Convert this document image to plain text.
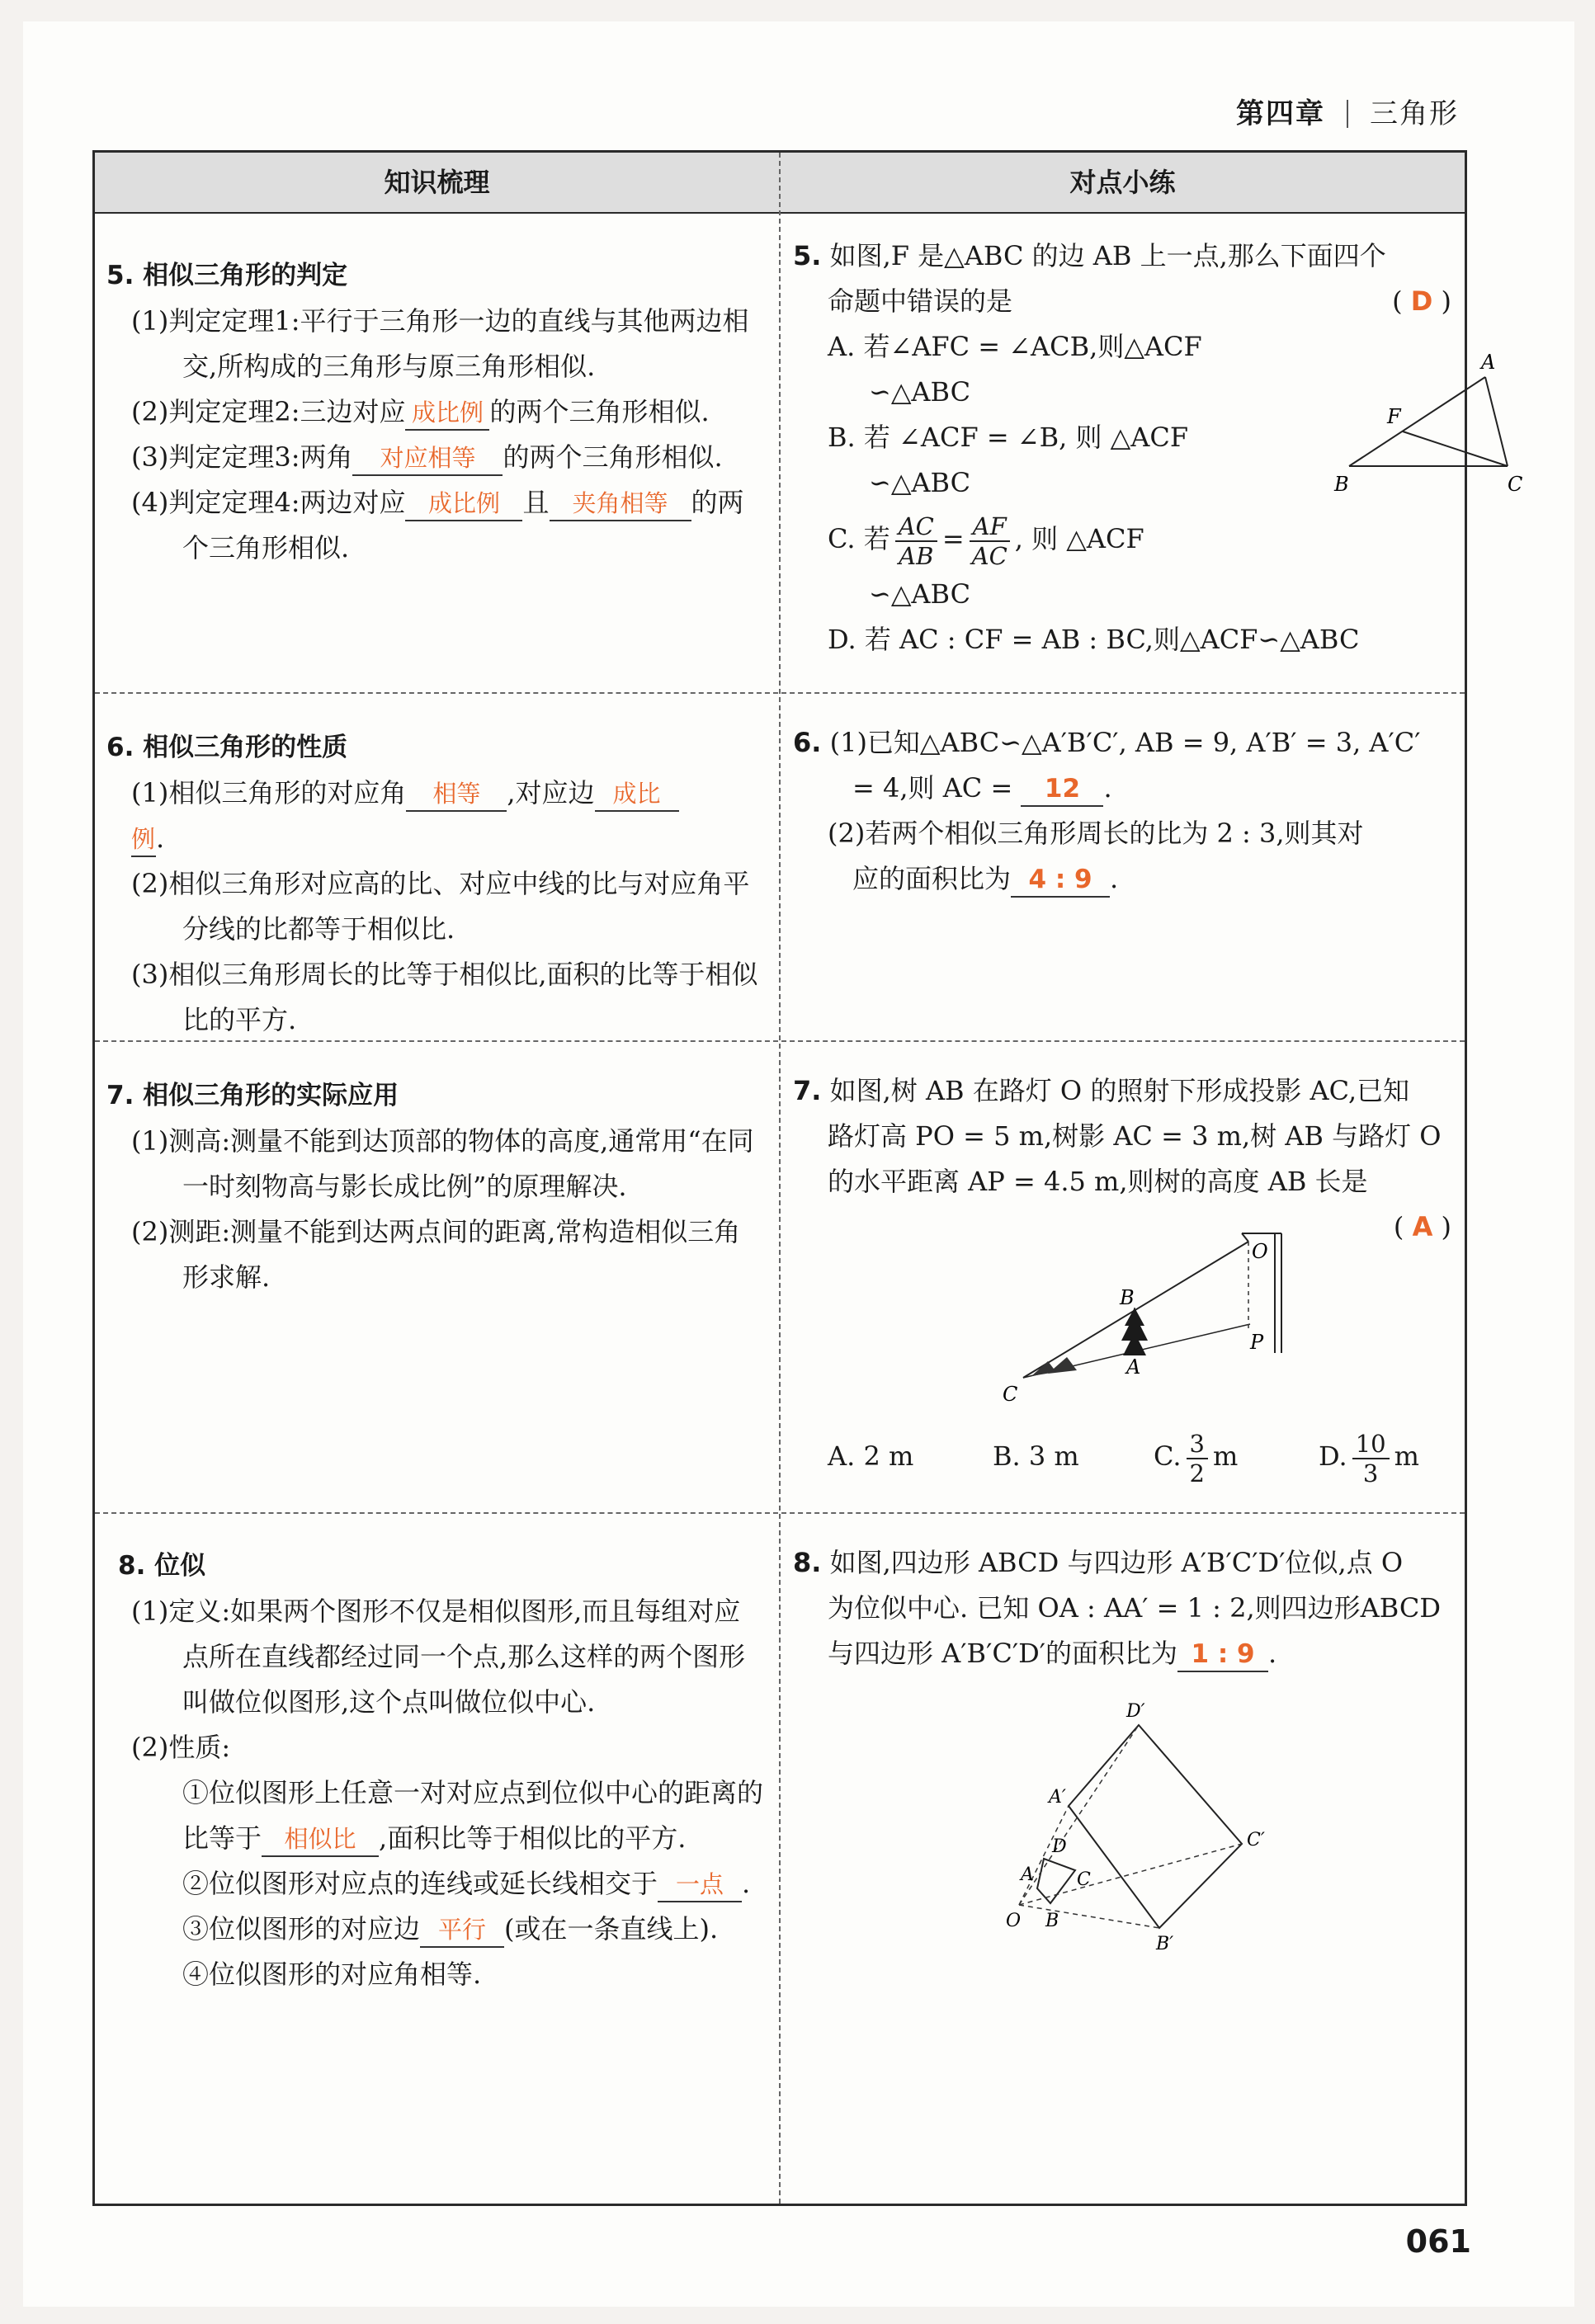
第四章 三角形
知识梳理	对点小练
5. 相似三角形的判定
(1)判定定理1:平行于三角形一边的直线与其他两边相交,所构成的三角形与原三角形相似.
(2)判定定理2:三边对应 成比例 的两个三角形相似.
(3)判定定理3:两角 对应相等 的两个三角形相似.
(4)判定定理4:两边对应 成比例 且 夹角相等 的两个三角形相似.
5. 如图,F 是△ABC 的边 AB 上一点,那么下面四个
命题中错误的是	( D )
A. 若∠AFC = ∠ACB,则△ACF
∽△ABC
B. 若 ∠ACF = ∠B, 则 △ACF
∽△ABC
C. 若 $\frac{AC}{AB} = \frac{AF}{AC}$ , 则 △ACF
∽△ABC
D. 若 AC : CF = AB : BC,则△ACF∽△ABC
A
B	C
F
6. 相似三角形的性质
(1)相似三角形的对应角 相等 ,对应边 成比
例.
(2)相似三角形对应高的比、对应中线的比与对应角平分线的比都等于相似比.
(3)相似三角形周长的比等于相似比,面积的比等于相似比的平方.
6. (1)已知△ABC∽△A′B′C′, AB = 9, A′B′ = 3, A′C′
= 4,则 AC = 12 .
(2)若两个相似三角形周长的比为 2 : 3,则其对
应的面积比为 4 : 9 .
7. 相似三角形的实际应用
(1)测高:测量不能到达顶部的物体的高度,通常用“在同一时刻物高与影长成比例”的原理解决.
(2)测距:测量不能到达两点间的距离,常构造相似三角形求解.
7. 如图,树 AB 在路灯 O 的照射下形成投影 AC,已知
路灯高 PO = 5 m,树影 AC = 3 m,树 AB 与路灯 O
的水平距离 AP = 4.5 m,则树的高度 AB 长是
( A )
O
B
P
A
C
A. 2 m	B. 3 m	C. $\frac{3}{2}$ m	D. $\frac{10}{3}$ m
8. 位似
(1)定义:如果两个图形不仅是相似图形,而且每组对应点所在直线都经过同一个点,那么这样的两个图形叫做位似图形,这个点叫做位似中心.
(2)性质:
①位似图形上任意一对对应点到位似中心的距离的比等于 相似比 ,面积比等于相似比的平方.
②位似图形对应点的连线或延长线相交于 一点 .
③位似图形的对应边 平行 (或在一条直线上).
④位似图形的对应角相等.
8. 如图,四边形 ABCD 与四边形 A′B′C′D′位似,点 O
为位似中心. 已知 OA : AA′ = 1 : 2,则四边形ABCD
与四边形 A′B′C′D′的面积比为 1 : 9 .
D′
A′
C′
B′
D
A C
B
O
061
